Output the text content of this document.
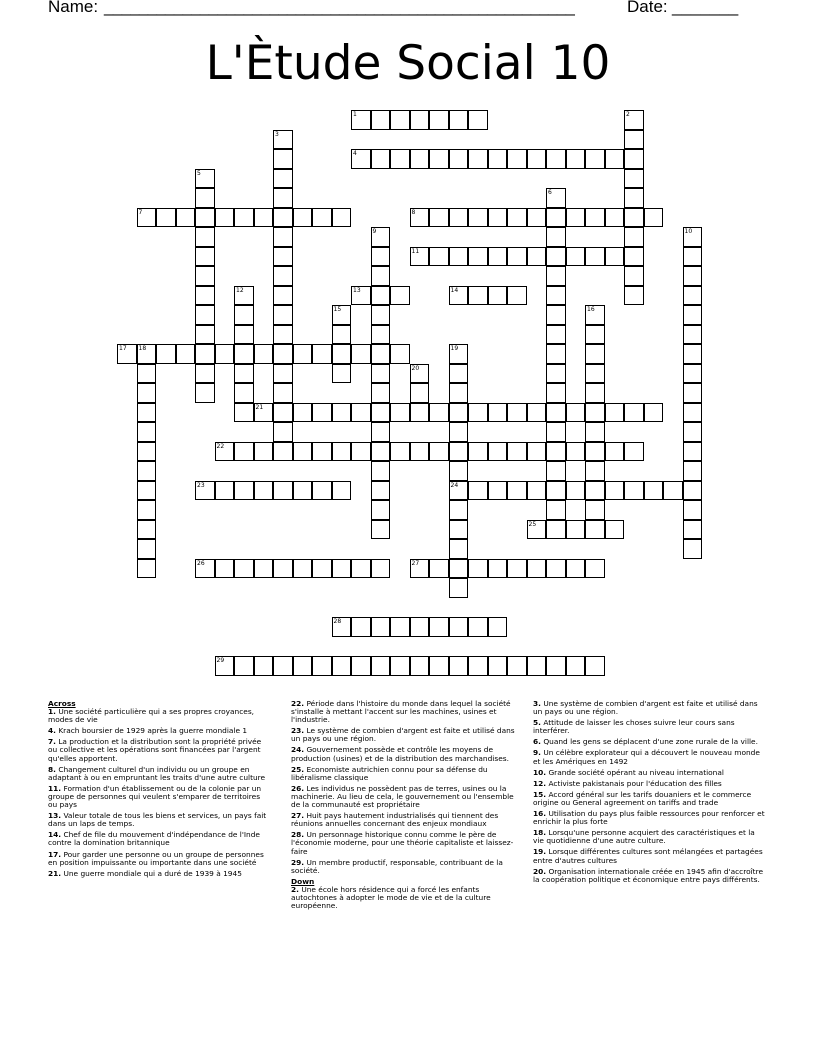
Name: ______________________________________________________	Date: _______
L'Ètude Social 10
1	2
3
4
5
6
7	8
9	10
11
12	13	14
15	16
17 18	19
20
21
22
23	24
25
26	27
28
29
Across
1. Une société particulière qui a ses propres croyances, modes de vie
4. Krach boursier de 1929 après la guerre mondiale 1
7. La production et la distribution sont la propriété privée ou collective et les opérations sont financées par l'argent qu'elles apportent.
8. Changement culturel d'un individu ou un groupe en adaptant à ou en empruntant les traits d'une autre culture
11. Formation d'un établissement ou de la colonie par un groupe de personnes qui veulent s'emparer de territoires ou pays
13. Valeur totale de tous les biens et services, un pays fait dans un laps de temps.
14. Chef de file du mouvement d'indépendance de l'Inde contre la domination britannique
17. Pour garder une personne ou un groupe de personnes en position impuissante ou importante dans une société
21. Une guerre mondiale qui a duré de 1939 à 1945
22. Période dans l'histoire du monde dans lequel la société s'installe à mettant l'accent sur les machines, usines et l'industrie.
23. Le système de combien d'argent est faite et utilisé dans un pays ou une région.
24. Gouvernement possède et contrôle les moyens de production (usines) et de la distribution des marchandises.
25. Economiste autrichien connu pour sa défense du libéralisme classique
26. Les individus ne possèdent pas de terres, usines ou la machinerie. Au lieu de cela, le gouvernement ou l'ensemble de la communauté est propriétaire
27. Huit pays hautement industrialisés qui tiennent des réunions annuelles concernant des enjeux mondiaux
28. Un personnage historique connu comme le père de l'économie moderne, pour une théorie capitaliste et laissez-faire
29. Un membre productif, responsable, contribuant de la société.
Down
2. Une école hors résidence qui a forcé les enfants autochtones à adopter le mode de vie et de la culture européenne.
3. Une système de combien d'argent est faite et utilisé dans un pays ou une région.
5. Attitude de laisser les choses suivre leur cours sans interférer.
6. Quand les gens se déplacent d'une zone rurale de la ville.
9. Un célèbre explorateur qui a découvert le nouveau monde et les Amériques en 1492
10. Grande société opérant au niveau international
12. Activiste pakistanais pour l'éducation des filles
15. Accord général sur les tarifs douaniers et le commerce origine ou General agreement on tariffs and trade
16. Utilisation du pays plus faible ressources pour renforcer et enrichir la plus forte
18. Lorsqu'une personne acquiert des caractéristiques et la vie quotidienne d'une autre culture.
19. Lorsque différentes cultures sont mélangées et partagées entre d'autres cultures
20. Organisation internationale créée en 1945 afin d'accroître la coopération politique et économique entre pays différents.
